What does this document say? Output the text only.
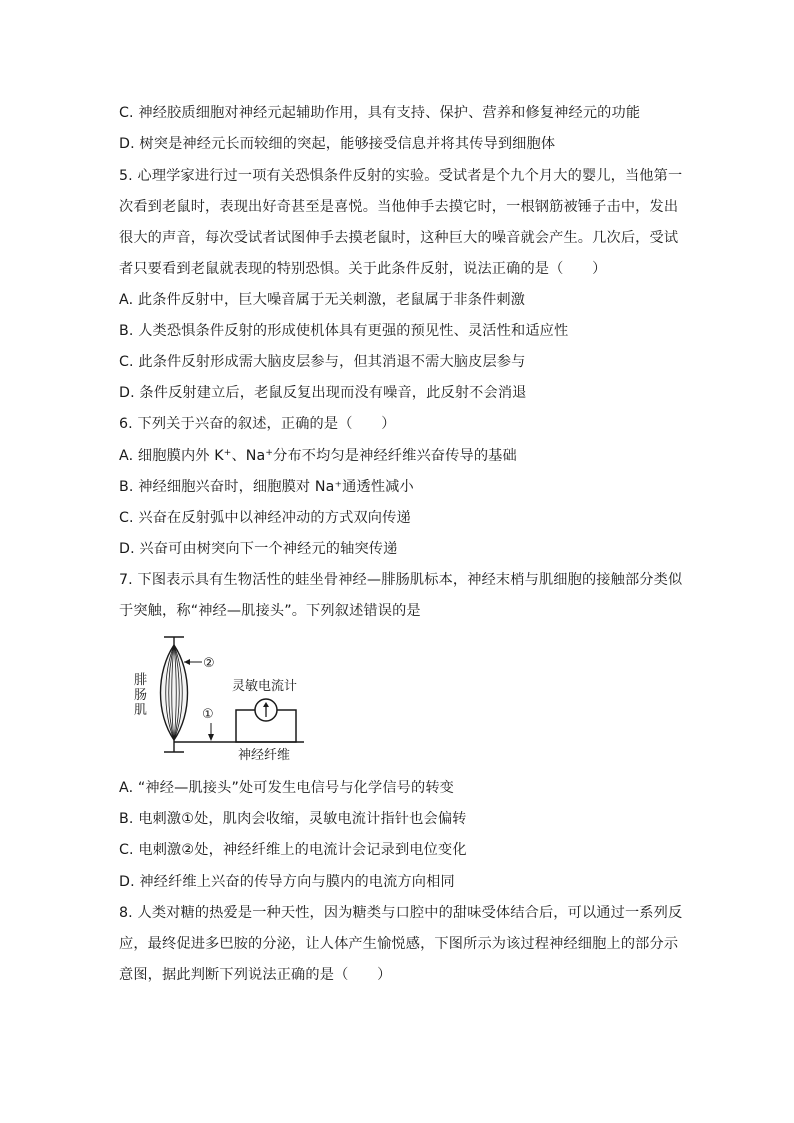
C. 神经胶质细胞对神经元起辅助作用，具有支持、保护、营养和修复神经元的功能
D. 树突是神经元长而较细的突起，能够接受信息并将其传导到细胞体
5. 心理学家进行过一项有关恐惧条件反射的实验。受试者是个九个月大的婴儿，当他第一
次看到老鼠时，表现出好奇甚至是喜悦。当他伸手去摸它时，一根钢筋被锤子击中，发出
很大的声音，每次受试者试图伸手去摸老鼠时，这种巨大的噪音就会产生。几次后，受试
者只要看到老鼠就表现的特别恐惧。关于此条件反射，说法正确的是（　　）
A. 此条件反射中，巨大噪音属于无关刺激，老鼠属于非条件刺激
B. 人类恐惧条件反射的形成使机体具有更强的预见性、灵活性和适应性
C. 此条件反射形成需大脑皮层参与，但其消退不需大脑皮层参与
D. 条件反射建立后，老鼠反复出现而没有噪音，此反射不会消退
6. 下列关于兴奋的叙述，正确的是（　　）
A. 细胞膜内外 K+、Na+分布不均匀是神经纤维兴奋传导的基础
B. 神经细胞兴奋时，细胞膜对 Na⁺通透性减小
C. 兴奋在反射弧中以神经冲动的方式双向传递
D. 兴奋可由树突向下一个神经元的轴突传递
7. 下图表示具有生物活性的蛙坐骨神经—腓肠肌标本，神经末梢与肌细胞的接触部分类似
于突触，称“神经—肌接头”。下列叙述错误的是
②
腓
肠
肌
灵敏电流计
①
神经纤维
A. “神经—肌接头”处可发生电信号与化学信号的转变
B. 电刺激①处，肌肉会收缩，灵敏电流计指针也会偏转
C. 电刺激②处，神经纤维上的电流计会记录到电位变化
D. 神经纤维上兴奋的传导方向与膜内的电流方向相同
8. 人类对糖的热爱是一种天性，因为糖类与口腔中的甜味受体结合后，可以通过一系列反
应，最终促进多巴胺的分泌，让人体产生愉悦感，下图所示为该过程神经细胞上的部分示
意图，据此判断下列说法正确的是（　　）
